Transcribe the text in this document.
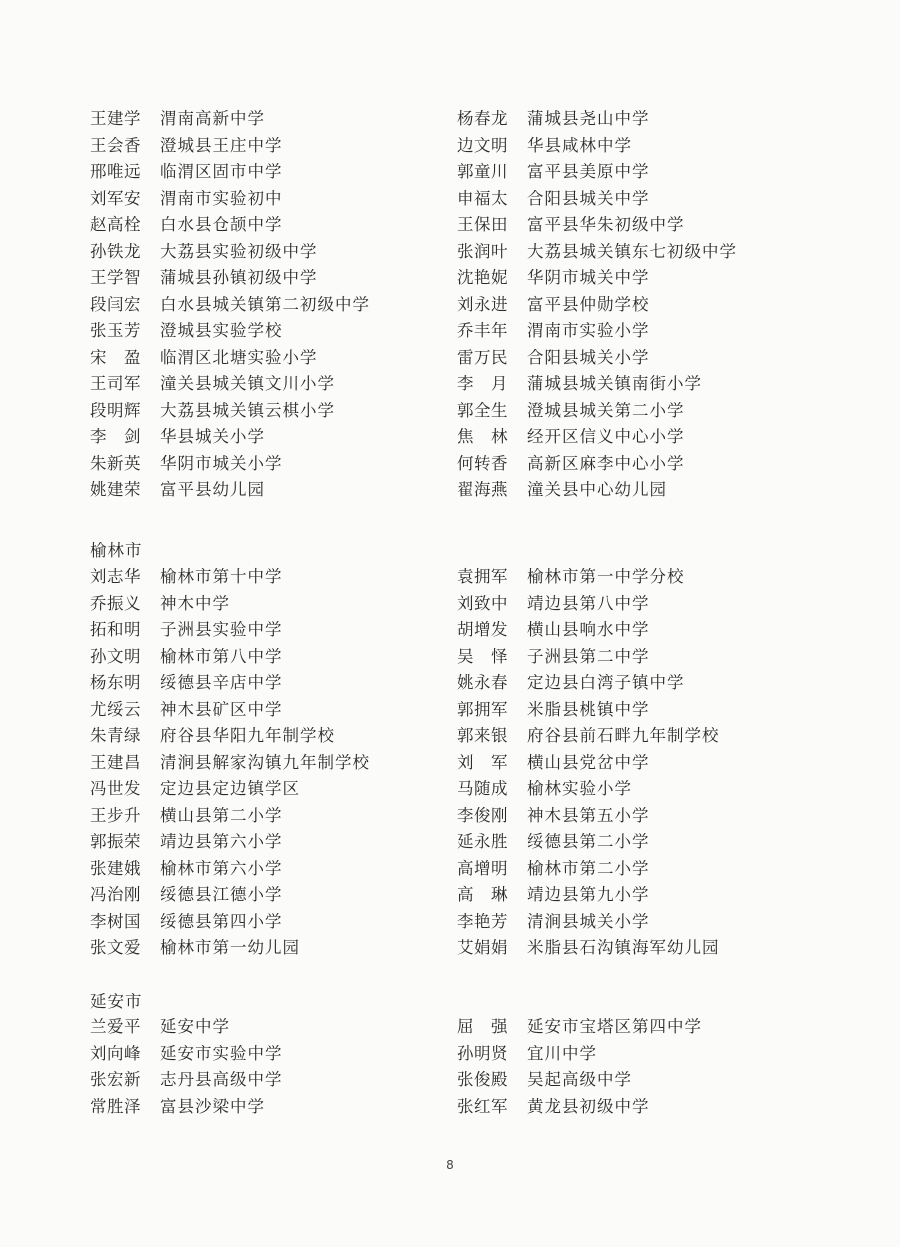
王建学 渭南高新中学	杨春龙 蒲城县尧山中学
王会香 澄城县王庄中学	边文明 华县咸林中学
邢唯远 临渭区固市中学	郭童川 富平县美原中学
刘军安 渭南市实验初中	申福太 合阳县城关中学
赵高栓 白水县仓颉中学	王保田 富平县华朱初级中学
孙铁龙 大荔县实验初级中学	张润叶 大荔县城关镇东七初级中学
王学智 蒲城县孙镇初级中学	沈艳妮 华阴市城关中学
段闫宏 白水县城关镇第二初级中学	刘永进 富平县仲勋学校
张玉芳 澄城县实验学校	乔丰年 渭南市实验小学
宋　盈 临渭区北塘实验小学	雷万民 合阳县城关小学
王司军 潼关县城关镇文川小学	李　月 蒲城县城关镇南街小学
段明辉 大荔县城关镇云棋小学	郭全生 澄城县城关第二小学
李　剑 华县城关小学	焦　林 经开区信义中心小学
朱新英 华阴市城关小学	何转香 高新区麻李中心小学
姚建荣 富平县幼儿园	翟海燕 潼关县中心幼儿园
榆林市
刘志华 榆林市第十中学	袁拥军 榆林市第一中学分校
乔振义 神木中学	刘致中 靖边县第八中学
拓和明 子洲县实验中学	胡增发 横山县响水中学
孙文明 榆林市第八中学	吴　怿 子洲县第二中学
杨东明 绥德县辛店中学	姚永春 定边县白湾子镇中学
尤绥云 神木县矿区中学	郭拥军 米脂县桃镇中学
朱青绿 府谷县华阳九年制学校	郭来银 府谷县前石畔九年制学校
王建昌 清涧县解家沟镇九年制学校	刘　军 横山县党岔中学
冯世发 定边县定边镇学区	马随成 榆林实验小学
王步升 横山县第二小学	李俊刚 神木县第五小学
郭振荣 靖边县第六小学	延永胜 绥德县第二小学
张建娥 榆林市第六小学	高增明 榆林市第二小学
冯治刚 绥德县江德小学	高　琳 靖边县第九小学
李树国 绥德县第四小学	李艳芳 清涧县城关小学
张文爱 榆林市第一幼儿园	艾娟娟 米脂县石沟镇海军幼儿园
延安市
兰爱平 延安中学	屈　强 延安市宝塔区第四中学
刘向峰 延安市实验中学	孙明贤 宜川中学
张宏新 志丹县高级中学	张俊殿 吴起高级中学
常胜泽 富县沙梁中学	张红军 黄龙县初级中学
8
